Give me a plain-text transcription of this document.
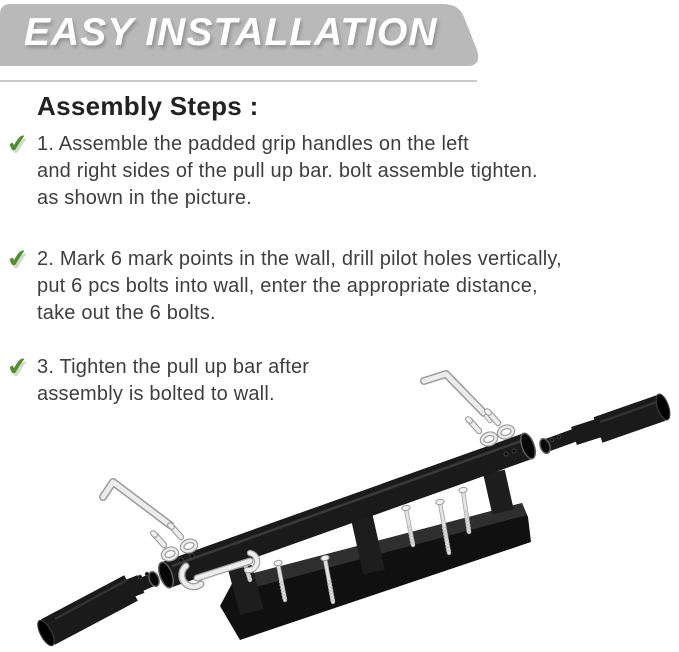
EASY INSTALLATION
Assembly Steps :
✔ 1. Assemble the padded grip handles on the left
and right sides of the pull up bar. bolt assemble tighten.
as shown in the picture.
✔ 2. Mark 6 mark points in the wall, drill pilot holes vertically,
put 6 pcs bolts into wall, enter the appropriate distance,
take out the 6 bolts.
✔ 3. Tighten the pull up bar after
assembly is bolted to wall.
